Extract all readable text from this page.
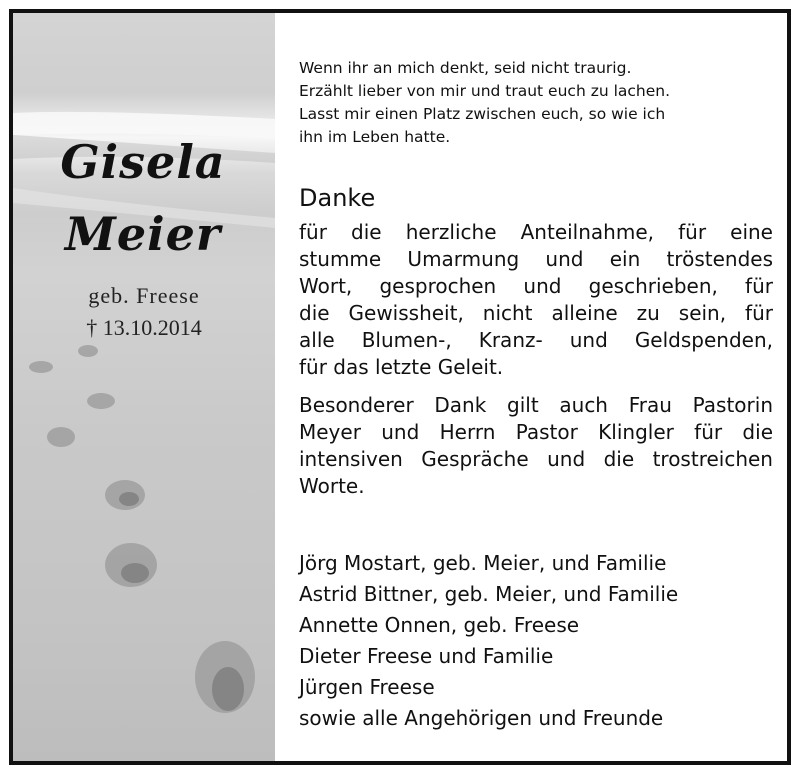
Gisela
Meier
geb. Freese
† 13.10.2014
Wenn ihr an mich denkt, seid nicht traurig.
Erzählt lieber von mir und traut euch zu lachen.
Lasst mir einen Platz zwischen euch, so wie ich
ihn im Leben hatte.
Danke
für die herzliche Anteilnahme, für eine
stumme Umarmung und ein tröstendes
Wort, gesprochen und geschrieben, für
die Gewissheit, nicht alleine zu sein, für
alle Blumen-, Kranz- und Geldspenden,
für das letzte Geleit.
Besonderer Dank gilt auch Frau Pastorin
Meyer und Herrn Pastor Klingler für die
intensiven Gespräche und die trostreichen
Worte.
Jörg Mostart, geb. Meier, und Familie
Astrid Bittner, geb. Meier, und Familie
Annette Onnen, geb. Freese
Dieter Freese und Familie
Jürgen Freese
sowie alle Angehörigen und Freunde
